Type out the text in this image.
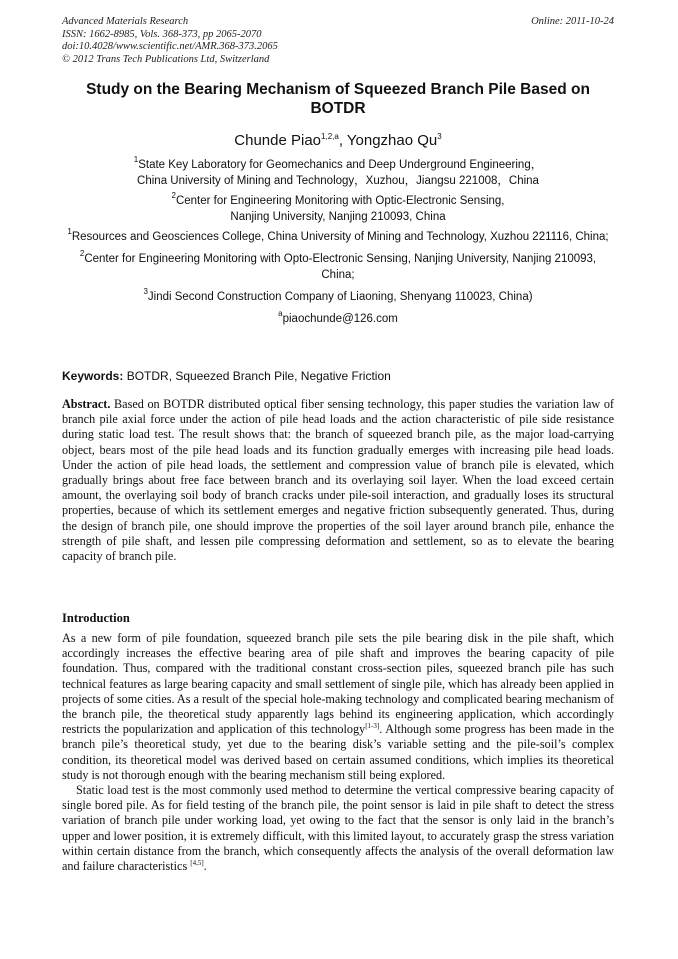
Advanced Materials Research	Online: 2011-10-24
ISSN: 1662-8985, Vols. 368-373, pp 2065-2070
doi:10.4028/www.scientific.net/AMR.368-373.2065
© 2012 Trans Tech Publications Ltd, Switzerland
Study on the Bearing Mechanism of Squeezed Branch Pile Based on BOTDR
Chunde Piao$^{1,2,a}$, Yongzhao Qu$^3$
$^1$State Key Laboratory for Geomechanics and Deep Underground Engineering，
China University of Mining and Technology，Xuzhou，Jiangsu 221008，China
$^2$Center for Engineering Monitoring with Optic-Electronic Sensing,
Nanjing University, Nanjing 210093, China
$^1$Resources and Geosciences College, China University of Mining and Technology, Xuzhou 221116, China;
$^2$Center for Engineering Monitoring with Opto-Electronic Sensing, Nanjing University, Nanjing 210093, China;
$^3$Jindi Second Construction Company of Liaoning, Shenyang 110023, China)
$^a$piaochunde@126.com
Keywords: BOTDR, Squeezed Branch Pile, Negative Friction
Abstract. Based on BOTDR distributed optical fiber sensing technology, this paper studies the variation law of branch pile axial force under the action of pile head loads and the action characteristic of pile side resistance during static load test. The result shows that: the branch of squeezed branch pile, as the major load-carrying object, bears most of the pile head loads and its function gradually emerges with increasing pile head loads. Under the action of pile head loads, the settlement and compression value of branch pile is elevated, which gradually brings about free face between branch and its overlaying soil layer. When the load exceed certain amount, the overlaying soil body of branch cracks under pile-soil interaction, and gradually loses its structural properties, because of which its settlement emerges and negative friction subsequently generated. Thus, during the design of branch pile, one should improve the properties of the soil layer around branch pile, enhance the strength of pile shaft, and lessen pile compressing deformation and settlement, so as to elevate the bearing capacity of branch pile.
Introduction

As a new form of pile foundation, squeezed branch pile sets the pile bearing disk in the pile shaft, which accordingly increases the effective bearing area of pile shaft and improves the bearing capacity of pile foundation. Thus, compared with the traditional constant cross-section piles, squeezed branch pile has such technical features as large bearing capacity and small settlement of single pile, which has already been applied in projects of some cities. As a result of the special hole-making technology and complicated bearing mechanism of the branch pile, the theoretical study apparently lags behind its engineering application, which accordingly restricts the popularization and application of this technology[1-3]. Although some progress has been made in the branch pile’s theoretical study, yet due to the bearing disk’s variable setting and the pile-soil’s complex condition, its theoretical model was derived based on certain assumed conditions, which implies its theoretical study is not thorough enough with the bearing mechanism still being explored.

Static load test is the most commonly used method to determine the vertical compressive bearing capacity of single bored pile. As for field testing of the branch pile, the point sensor is laid in pile shaft to detect the stress variation of branch pile under working load, yet owing to the fact that the sensor is only laid in the branch’s upper and lower position, it is extremely difficult, with this limited layout, to accurately grasp the stress variation within certain distance from the branch, which consequently affects the analysis of the overall deformation law and failure characteristics [4,5].
